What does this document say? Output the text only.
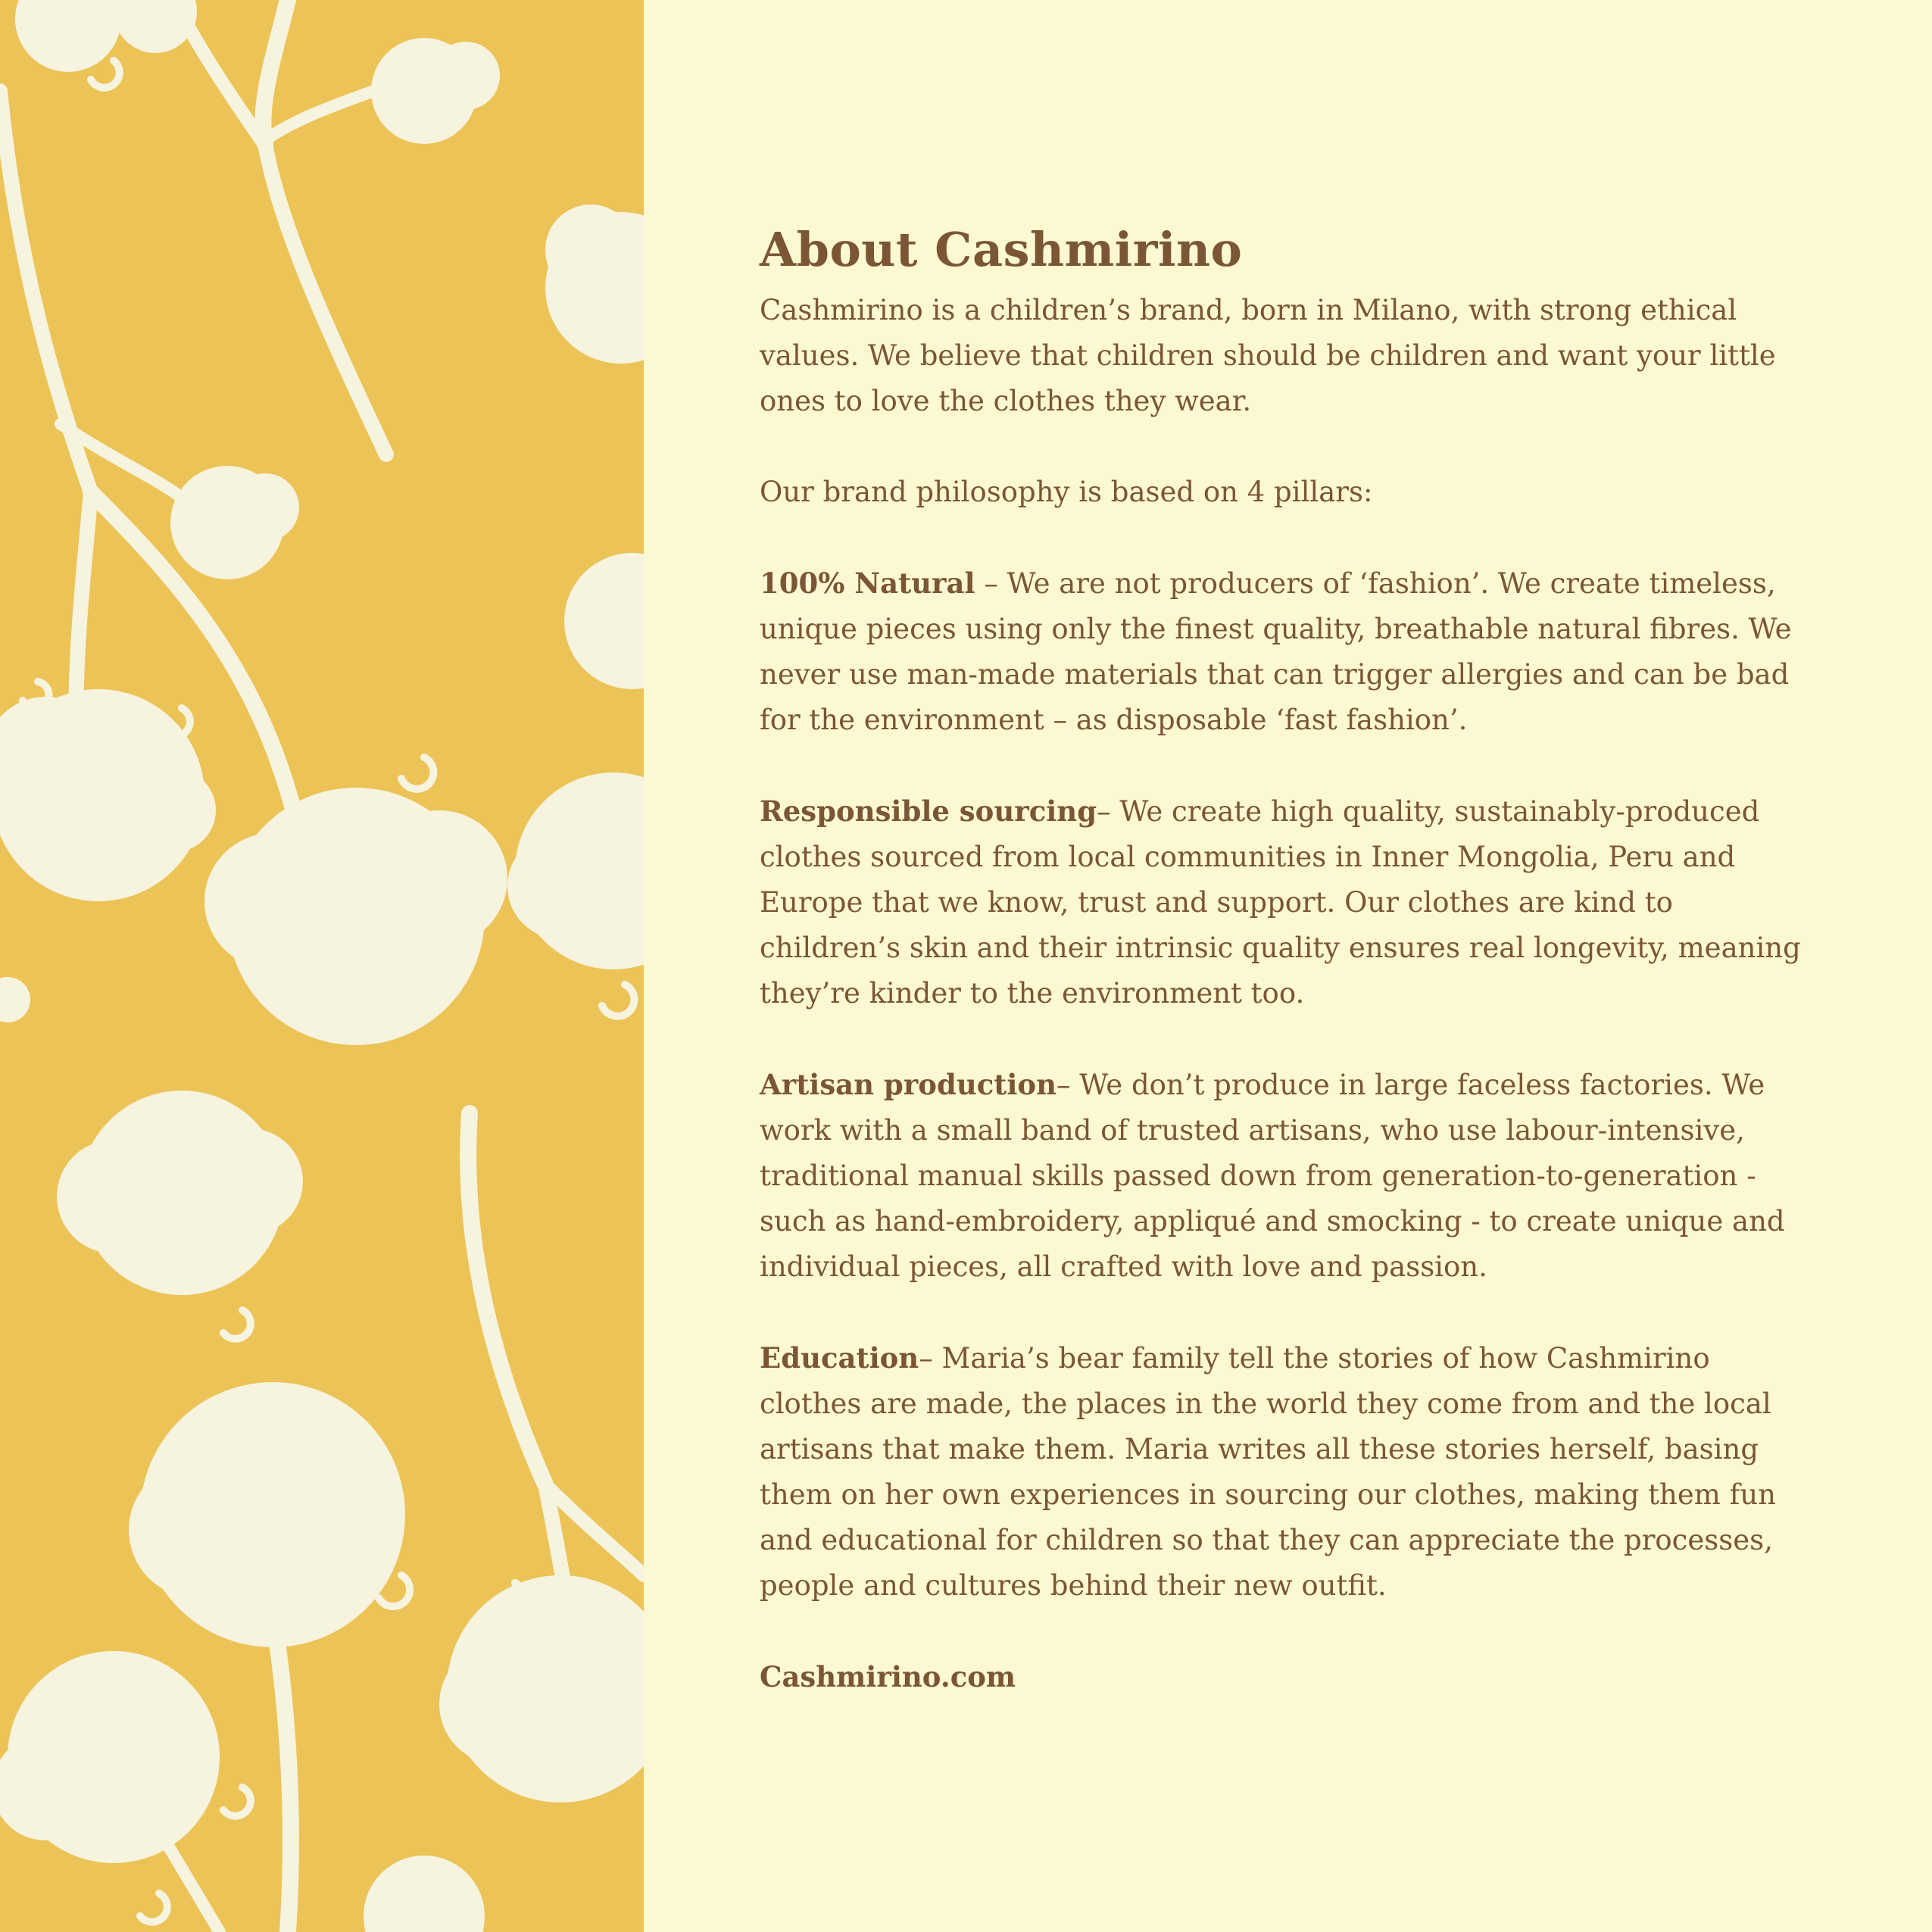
About Cashmirino

Cashmirino is a children’s brand, born in Milano, with strong ethical values. We believe that children should be children and want your little ones to love the clothes they wear.

Our brand philosophy is based on 4 pillars:

100% Natural – We are not producers of ‘fashion’. We create timeless, unique pieces using only the finest quality, breathable natural fibres. We never use man-made materials that can trigger allergies and can be bad for the environment – as disposable ‘fast fashion’.

Responsible sourcing– We create high quality, sustainably-produced clothes sourced from local communities in Inner Mongolia, Peru and Europe that we know, trust and support. Our clothes are kind to children’s skin and their intrinsic quality ensures real longevity, meaning they’re kinder to the environment too.

Artisan production– We don’t produce in large faceless factories. We work with a small band of trusted artisans, who use labour-intensive, traditional manual skills passed down from generation-to-generation - such as hand-embroidery, appliqué and smocking - to create unique and individual pieces, all crafted with love and passion.

Education– Maria’s bear family tell the stories of how Cashmirino clothes are made, the places in the world they come from and the local artisans that make them. Maria writes all these stories herself, basing them on her own experiences in sourcing our clothes, making them fun and educational for children so that they can appreciate the processes, people and cultures behind their new outfit.

Cashmirino.com
